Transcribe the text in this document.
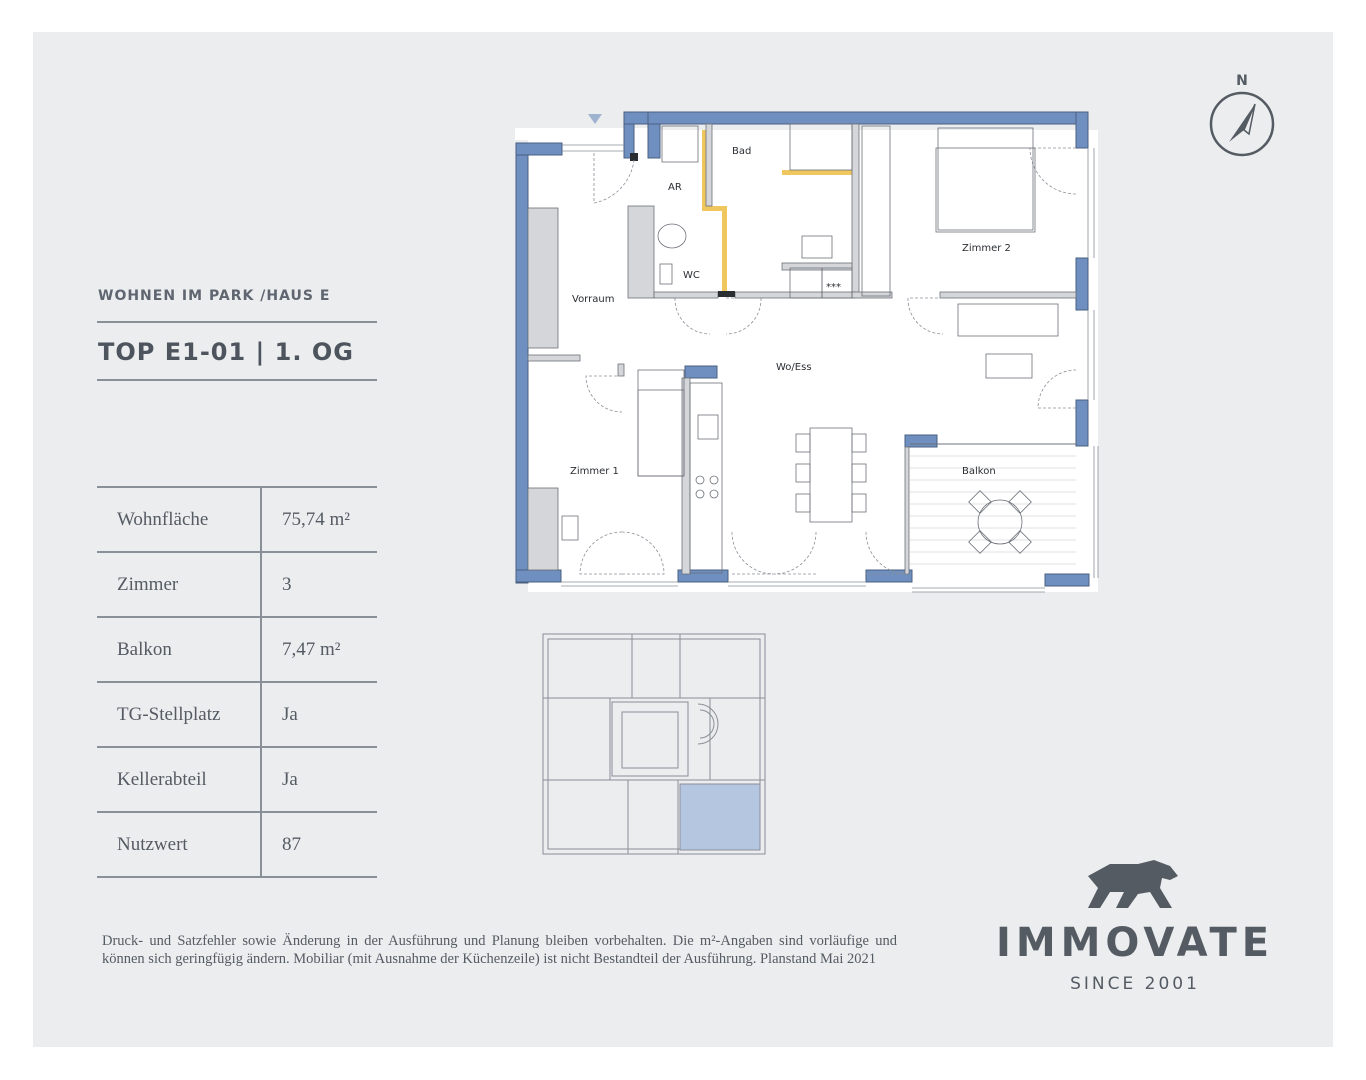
WOHNEN IM PARK /HAUS E
TOP E1-01 | 1. OG
Wohnfläche	75,74 m²
Zimmer	3
Balkon	7,47 m²
TG-Stellplatz	Ja
Kellerabteil	Ja
Nutzwert	87
N
Bad
AR
WC
Vorraum
Zimmer 2
Wo/Ess
Zimmer 1	Balkon
***
Druck- und Satzfehler sowie Änderung in der Ausführung und Planung bleiben vorbehalten. Die m²-Angaben sind vorläufige und können sich geringfügig ändern. Mobiliar (mit Ausnahme der Küchenzeile) ist nicht Bestandteil der Ausführung. Planstand Mai 2021	IMMOVATE
SINCE 2001
